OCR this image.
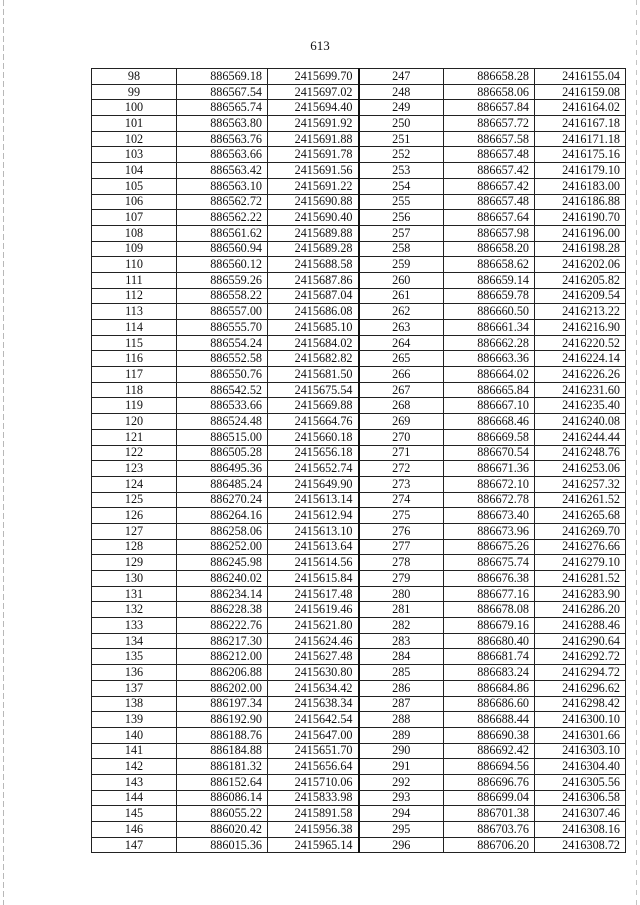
613
98	886569.18	2415699.70	247	886658.28	2416155.04
99	886567.54	2415697.02	248	886658.06	2416159.08
100	886565.74	2415694.40	249	886657.84	2416164.02
101	886563.80	2415691.92	250	886657.72	2416167.18
102	886563.76	2415691.88	251	886657.58	2416171.18
103	886563.66	2415691.78	252	886657.48	2416175.16
104	886563.42	2415691.56	253	886657.42	2416179.10
105	886563.10	2415691.22	254	886657.42	2416183.00
106	886562.72	2415690.88	255	886657.48	2416186.88
107	886562.22	2415690.40	256	886657.64	2416190.70
108	886561.62	2415689.88	257	886657.98	2416196.00
109	886560.94	2415689.28	258	886658.20	2416198.28
110	886560.12	2415688.58	259	886658.62	2416202.06
111	886559.26	2415687.86	260	886659.14	2416205.82
112	886558.22	2415687.04	261	886659.78	2416209.54
113	886557.00	2415686.08	262	886660.50	2416213.22
114	886555.70	2415685.10	263	886661.34	2416216.90
115	886554.24	2415684.02	264	886662.28	2416220.52
116	886552.58	2415682.82	265	886663.36	2416224.14
117	886550.76	2415681.50	266	886664.02	2416226.26
118	886542.52	2415675.54	267	886665.84	2416231.60
119	886533.66	2415669.88	268	886667.10	2416235.40
120	886524.48	2415664.76	269	886668.46	2416240.08
121	886515.00	2415660.18	270	886669.58	2416244.44
122	886505.28	2415656.18	271	886670.54	2416248.76
123	886495.36	2415652.74	272	886671.36	2416253.06
124	886485.24	2415649.90	273	886672.10	2416257.32
125	886270.24	2415613.14	274	886672.78	2416261.52
126	886264.16	2415612.94	275	886673.40	2416265.68
127	886258.06	2415613.10	276	886673.96	2416269.70
128	886252.00	2415613.64	277	886675.26	2416276.66
129	886245.98	2415614.56	278	886675.74	2416279.10
130	886240.02	2415615.84	279	886676.38	2416281.52
131	886234.14	2415617.48	280	886677.16	2416283.90
132	886228.38	2415619.46	281	886678.08	2416286.20
133	886222.76	2415621.80	282	886679.16	2416288.46
134	886217.30	2415624.46	283	886680.40	2416290.64
135	886212.00	2415627.48	284	886681.74	2416292.72
136	886206.88	2415630.80	285	886683.24	2416294.72
137	886202.00	2415634.42	286	886684.86	2416296.62
138	886197.34	2415638.34	287	886686.60	2416298.42
139	886192.90	2415642.54	288	886688.44	2416300.10
140	886188.76	2415647.00	289	886690.38	2416301.66
141	886184.88	2415651.70	290	886692.42	2416303.10
142	886181.32	2415656.64	291	886694.56	2416304.40
143	886152.64	2415710.06	292	886696.76	2416305.56
144	886086.14	2415833.98	293	886699.04	2416306.58
145	886055.22	2415891.58	294	886701.38	2416307.46
146	886020.42	2415956.38	295	886703.76	2416308.16
147	886015.36	2415965.14	296	886706.20	2416308.72
